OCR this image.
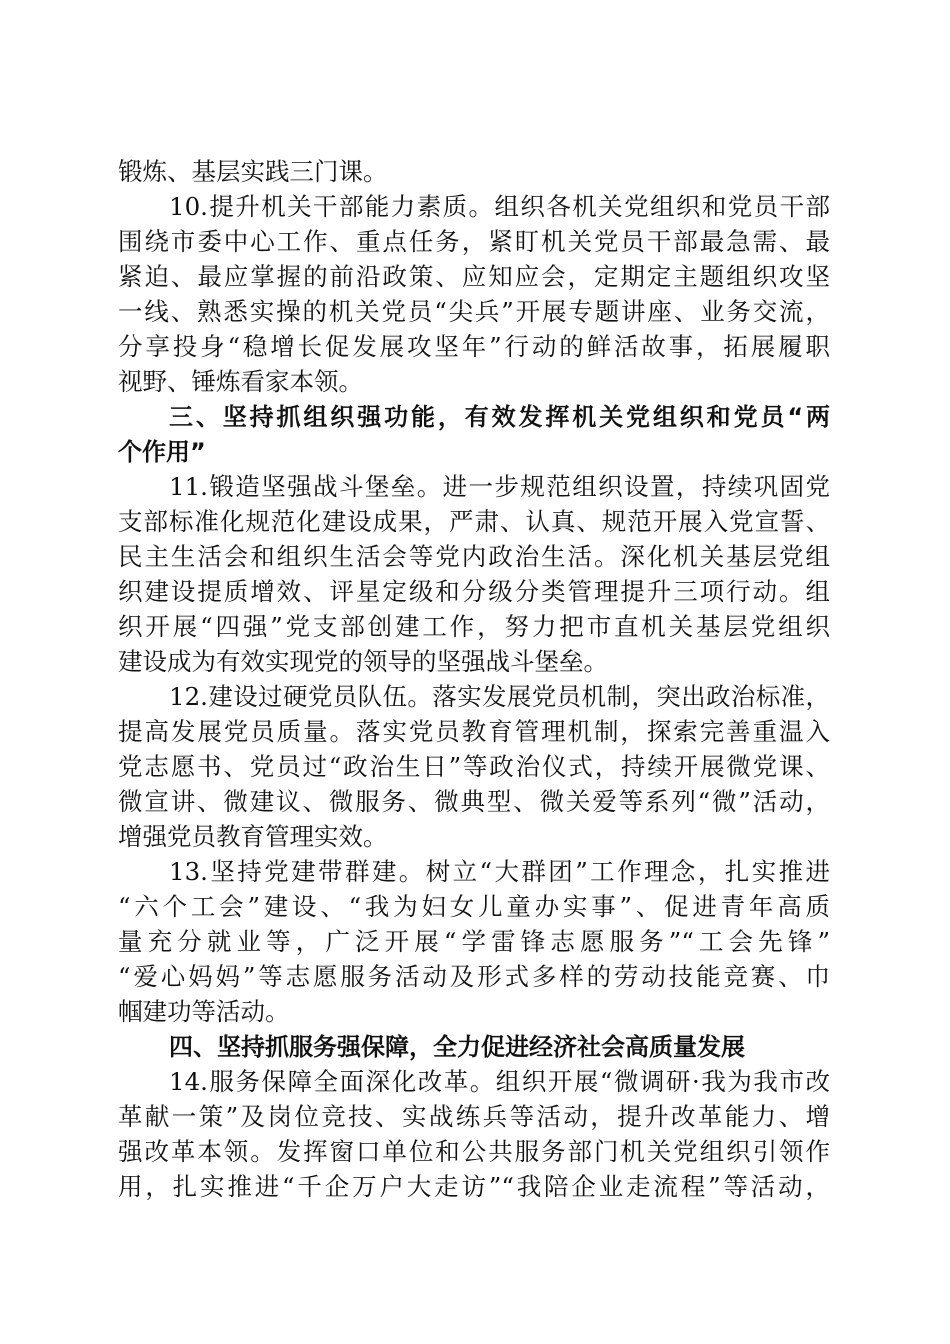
锻炼、基层实践三门课。
10.提升机关干部能力素质。组织各机关党组织和党员干部
围绕市委中心工作、重点任务，紧盯机关党员干部最急需、最
紧迫、最应掌握的前沿政策、应知应会，定期定主题组织攻坚
一线、熟悉实操的机关党员“尖兵”开展专题讲座、业务交流，
分享投身“稳增长促发展攻坚年”行动的鲜活故事，拓展履职
视野、锤炼看家本领。
三、坚持抓组织强功能，有效发挥机关党组织和党员“两
个作用”
11.锻造坚强战斗堡垒。进一步规范组织设置，持续巩固党
支部标准化规范化建设成果，严肃、认真、规范开展入党宣誓、
民主生活会和组织生活会等党内政治生活。深化机关基层党组
织建设提质增效、评星定级和分级分类管理提升三项行动。组
织开展“四强”党支部创建工作，努力把市直机关基层党组织
建设成为有效实现党的领导的坚强战斗堡垒。
12.建设过硬党员队伍。落实发展党员机制，突出政治标准，
提高发展党员质量。落实党员教育管理机制，探索完善重温入
党志愿书、党员过“政治生日”等政治仪式，持续开展微党课、
微宣讲、微建议、微服务、微典型、微关爱等系列“微”活动，
增强党员教育管理实效。
13.坚持党建带群建。树立“大群团”工作理念，扎实推进
“六个工会”建设、“我为妇女儿童办实事”、促进青年高质
量充分就业等，广泛开展“学雷锋志愿服务”“工会先锋”
“爱心妈妈”等志愿服务活动及形式多样的劳动技能竞赛、巾
帼建功等活动。
四、坚持抓服务强保障，全力促进经济社会高质量发展
14.服务保障全面深化改革。组织开展“微调研·我为我市改
革献一策”及岗位竞技、实战练兵等活动，提升改革能力、增
强改革本领。发挥窗口单位和公共服务部门机关党组织引领作
用，扎实推进“千企万户大走访”“我陪企业走流程”等活动，
